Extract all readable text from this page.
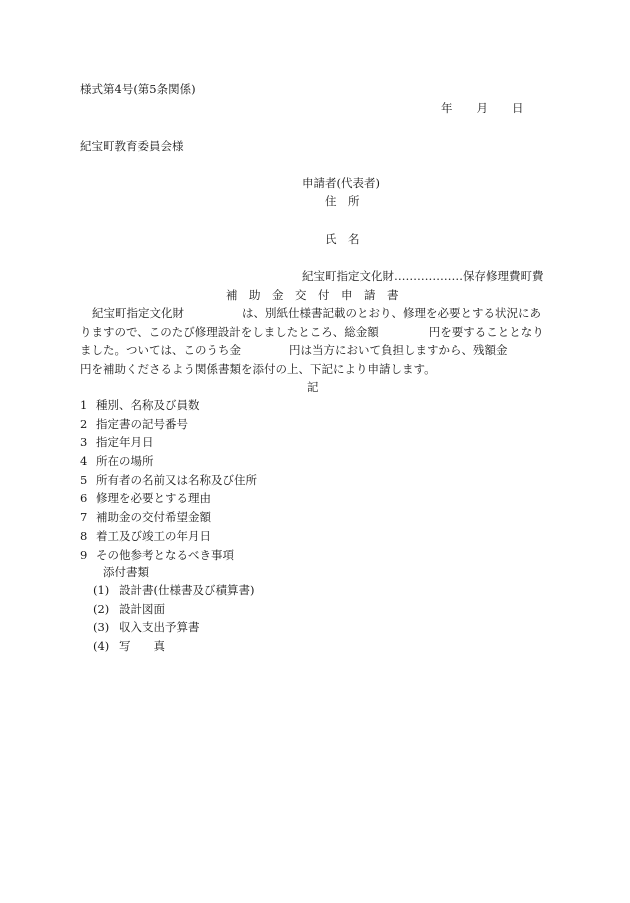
様式第4号(第5条関係)
年 月 日
紀宝町教育委員会様
申請者(代表者)
住　所
氏　名
紀宝町指定文化財………………保存修理費町費
補　助　金　交　付　申　請　書
紀宝町指定文化財	は、別紙仕様書記載のとおり、修理を必要とする状況にありますので、このたび修理設計をしましたところ、総金額	円を要することとなりました。ついては、このうち金	円は当方において負担しますから、残額金円を補助くださるよう関係書類を添付の上、下記により申請します。
記
1 種別、名称及び員数
2 指定書の記号番号
3 指定年月日
4 所在の場所
5 所有者の名前又は名称及び住所
6 修理を必要とする理由
7 補助金の交付希望金額
8 着工及び竣工の年月日
9 その他参考となるべき事項
添付書類
(1) 設計書(仕様書及び積算書)
(2) 設計図面
(3) 収入支出予算書
(4) 写　　真
